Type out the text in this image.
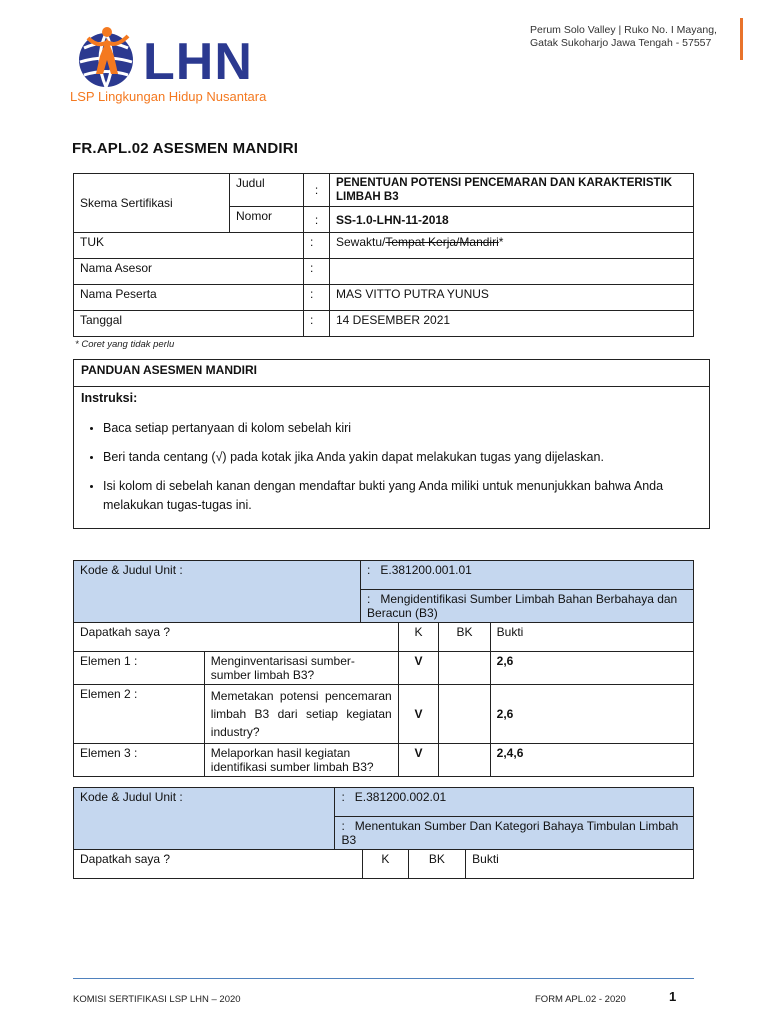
LHN
LSP Lingkungan Hidup Nusantara
Perum Solo Valley | Ruko No. I Mayang,
Gatak Sukoharjo Jawa Tengah - 57557
FR.APL.02 ASESMEN MANDIRI
Skema Sertifikasi	Judul	:	PENENTUAN POTENSI PENCEMARAN DAN KARAKTERISTIK LIMBAH B3
	Nomor	:	SS-1.0-LHN-11-2018
TUK		:	Sewaktu/Tempat Kerja/Mandiri*
Nama Asesor		:	
Nama Peserta		:	MAS VITTO PUTRA YUNUS
Tanggal		:	14 DESEMBER 2021
* Coret yang tidak perlu
PANDUAN ASESMEN MANDIRI
Instruksi:
• Baca setiap pertanyaan di kolom sebelah kiri
• Beri tanda centang (√) pada kotak jika Anda yakin dapat melakukan tugas yang dijelaskan.
• Isi kolom di sebelah kanan dengan mendaftar bukti yang Anda miliki untuk menunjukkan bahwa Anda melakukan tugas-tugas ini.
Kode & Judul Unit :		: E.381200.001.01			
		: Mengidentifikasi Sumber Limbah Bahan Berbahaya dan Beracun (B3)			
Dapatkah saya ?			K	BK	Bukti
Elemen 1 :	Menginventarisasi sumber-sumber limbah B3?		V		2,6
Elemen 2 :	Memetakan potensi pencemaran limbah B3 dari setiap kegiatan industry?		V		2,6
Elemen 3 :	Melaporkan hasil kegiatan identifikasi sumber limbah B3?		V		2,4,6
Kode & Judul Unit :	: E.381200.002.01			
	: Menentukan Sumber Dan Kategori Bahaya Timbulan Limbah B3			
Dapatkah saya ?		K	BK	Bukti
KOMISI SERTIFIKASI LSP LHN – 2020	FORM APL.02 - 2020	1
